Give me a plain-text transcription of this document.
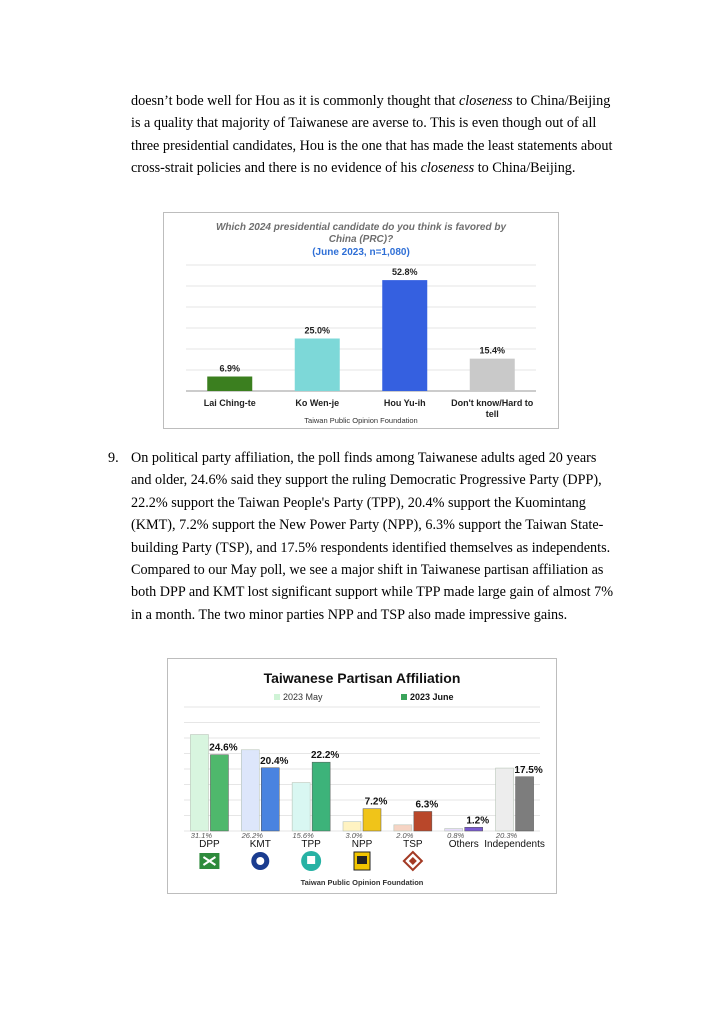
doesn’t bode well for Hou as it is commonly thought that closeness to China/Beijing is a quality that majority of Taiwanese are averse to. This is even though out of all three presidential candidates, Hou is the one that has made the least statements about cross-strait policies and there is no evidence of his closeness to China/Beijing.

Which 2024 presidential candidate do you think is favored by
China (PRC)?
(June 2023, n=1,080)
6.9%
Lai Ching-te
25.0%
Ko Wen-je
52.8%
Hou Yu-ih
15.4%
Don't know/Hard to
tell
Taiwan Public Opinion Foundation
9. On political party affiliation, the poll finds among Taiwanese adults aged 20 years and older, 24.6% said they support the ruling Democratic Progressive Party (DPP), 22.2% support the Taiwan People's Party (TPP), 20.4% support the Kuomintang (KMT), 7.2% support the New Power Party (NPP), 6.3% support the Taiwan State-building Party (TSP), and 17.5% respondents identified themselves as independents. Compared to our May poll, we see a major shift in Taiwanese partisan affiliation as both DPP and KMT lost significant support while TPP made large gain of almost 7% in a month. The two minor parties NPP and TSP also made impressive gains.

Taiwanese Partisan Affiliation
2023 May	2023 June
24.6%
31.1%
DPP
20.4%
26.2%
KMT
22.2%
15.6%
TPP
7.2%
3.0%
NPP
6.3%
2.0%
TSP
1.2%
0.8%
Others
17.5%
20.3%
Independents
Taiwan Public Opinion Foundation
